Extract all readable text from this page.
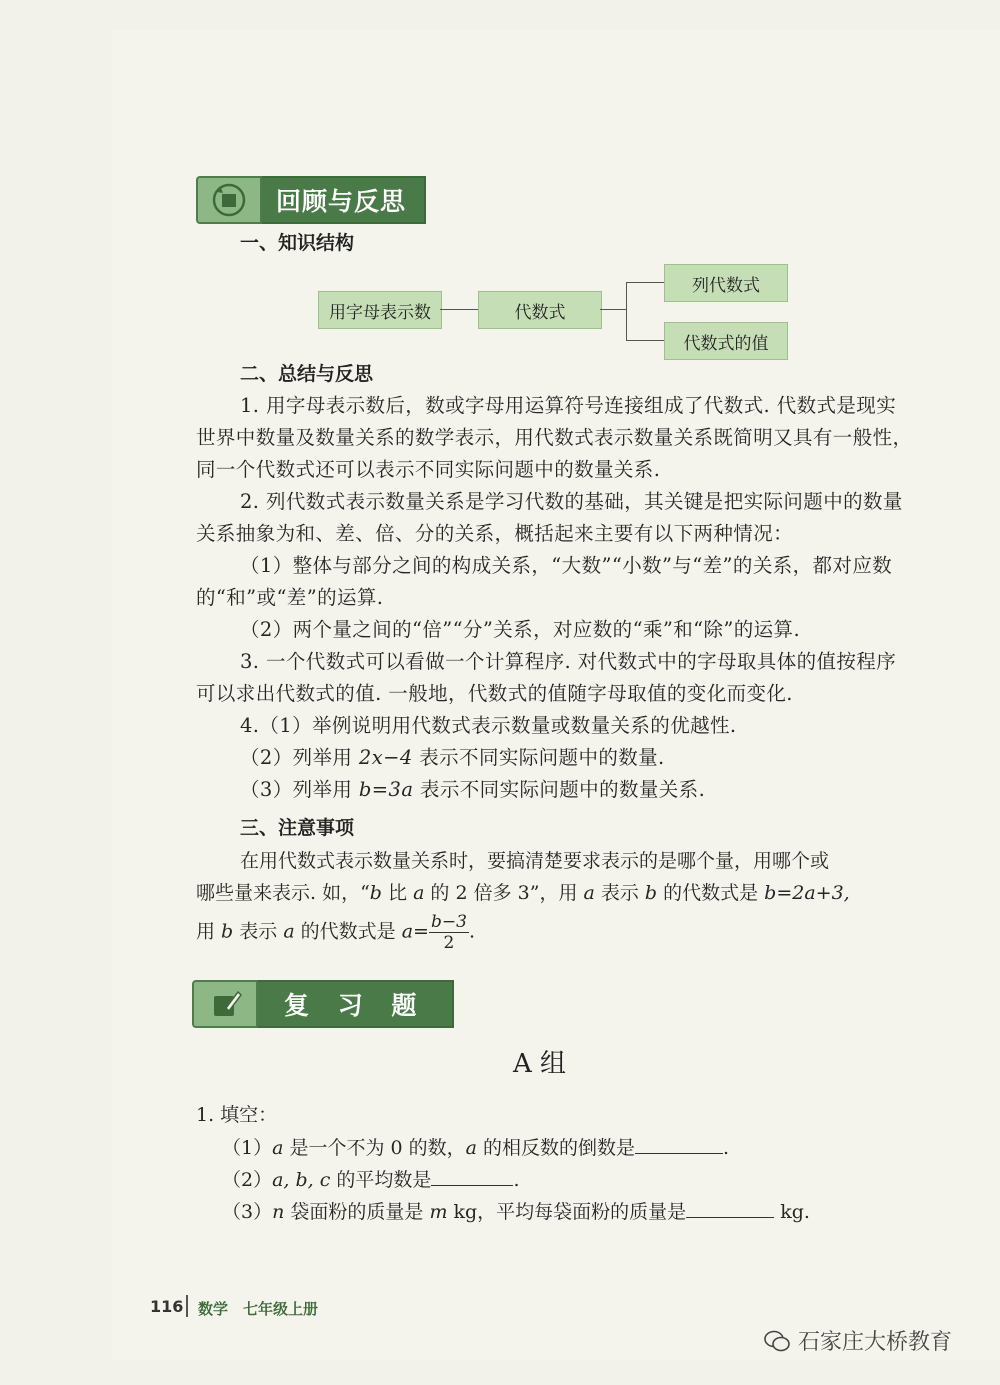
回顾与反思
一、知识结构
用字母表示数	代数式
列代数式
代数式的值
二、总结与反思
1. 用字母表示数后，数或字母用运算符号连接组成了代数式. 代数式是现实世界中数量及数量关系的数学表示，用代数式表示数量关系既简明又具有一般性，同一个代数式还可以表示不同实际问题中的数量关系.
2. 列代数式表示数量关系是学习代数的基础，其关键是把实际问题中的数量关系抽象为和、差、倍、分的关系，概括起来主要有以下两种情况：
（1）整体与部分之间的构成关系，“大数”“小数”与“差”的关系，都对应数的“和”或“差”的运算.
（2）两个量之间的“倍”“分”关系，对应数的“乘”和“除”的运算.
3. 一个代数式可以看做一个计算程序. 对代数式中的字母取具体的值按程序可以求出代数式的值. 一般地，代数式的值随字母取值的变化而变化.
4.（1）举例说明用代数式表示数量或数量关系的优越性.
（2）列举用 2x−4 表示不同实际问题中的数量.
（3）列举用 b=3a 表示不同实际问题中的数量关系.
三、注意事项
在用代数式表示数量关系时，要搞清楚要求表示的是哪个量，用哪个或
哪些量来表示. 如，“b 比 a 的 2 倍多 3”，用 a 表示 b 的代数式是 b=2a+3,
用 b 表示 a 的代数式是 $a= \frac{b-3}{2}$ .
复 习 题
A 组
1. 填空：
（1）a 是一个不为 0 的数，a 的相反数的倒数是	.
（2）a, b, c 的平均数是	.
（3）n 袋面粉的质量是 m kg，平均每袋面粉的质量是	kg.
116 数学　七年级上册
石家庄大桥教育
